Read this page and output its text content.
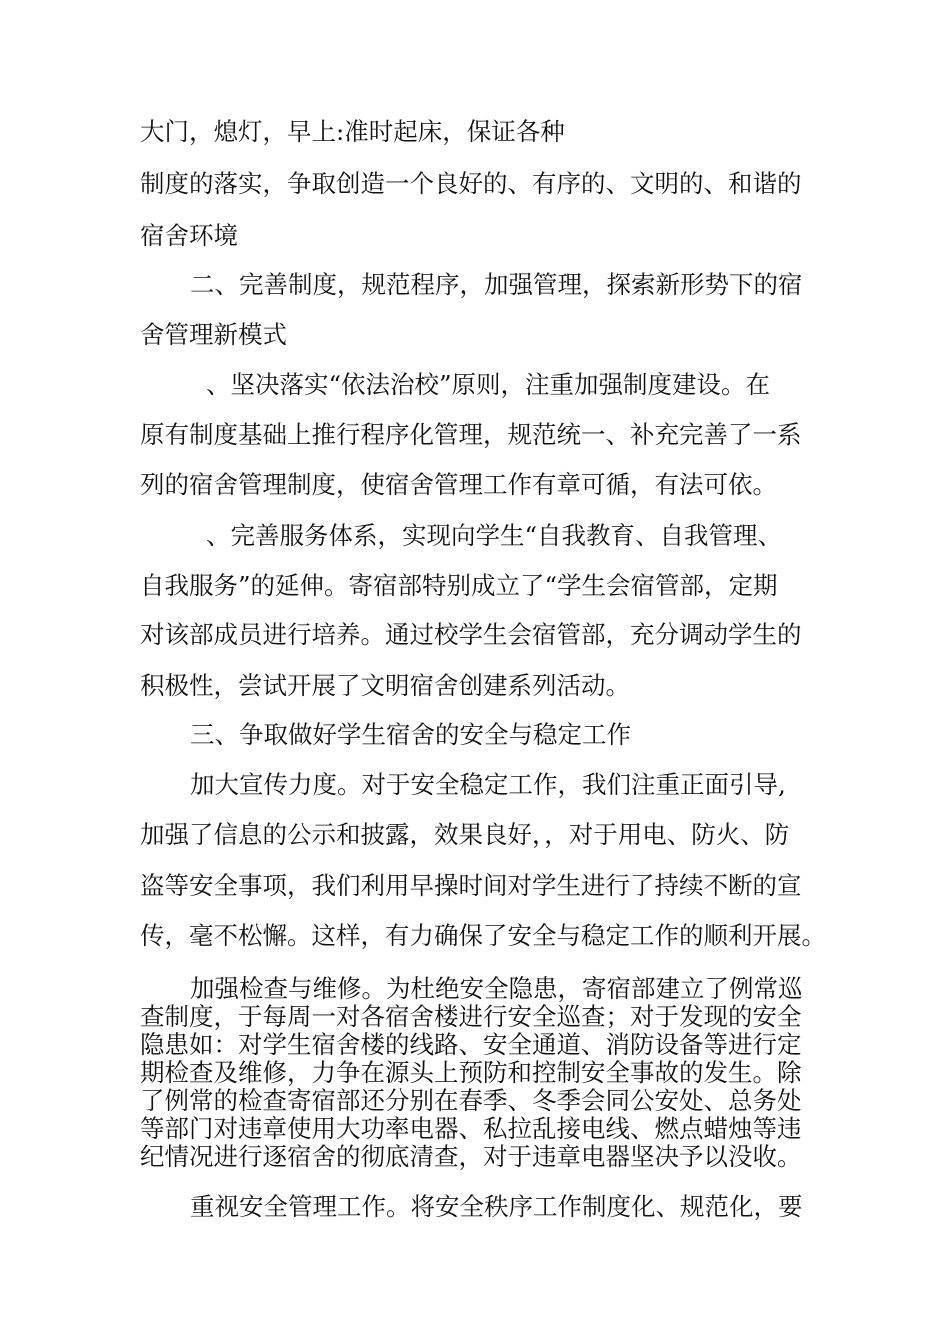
大门，熄灯，早上:准时起床，保证各种

制度的落实，争取创造一个良好的、有序的、文明的、和谐的

宿舍环境

二、完善制度，规范程序，加强管理，探索新形势下的宿

舍管理新模式

、坚决落实“依法治校”原则，注重加强制度建设。在

原有制度基础上推行程序化管理，规范统一、补充完善了一系

列的宿舍管理制度，使宿舍管理工作有章可循，有法可依。

、完善服务体系，实现向学生“自我教育、自我管理、

自我服务”的延伸。寄宿部特别成立了“学生会宿管部，定期

对该部成员进行培养。通过校学生会宿管部，充分调动学生的

积极性，尝试开展了文明宿舍创建系列活动。

三、争取做好学生宿舍的安全与稳定工作

加大宣传力度。对于安全稳定工作，我们注重正面引导,

加强了信息的公示和披露，效果良好，，对于用电、防火、防

盗等安全事项，我们利用早操时间对学生进行了持续不断的宣

传，毫不松懈。这样，有力确保了安全与稳定工作的顺利开展。

加强检查与维修。为杜绝安全隐患，寄宿部建立了例常巡

查制度，于每周一对各宿舍楼进行安全巡查；对于发现的安全

隐患如：对学生宿舍楼的线路、安全通道、消防设备等进行定

期检查及维修，力争在源头上预防和控制安全事故的发生。除

了例常的检查寄宿部还分别在春季、冬季会同公安处、总务处

等部门对违章使用大功率电器、私拉乱接电线、燃点蜡烛等违

纪情况进行逐宿舍的彻底清查，对于违章电器坚决予以没收。

重视安全管理工作。将安全秩序工作制度化、规范化，要
